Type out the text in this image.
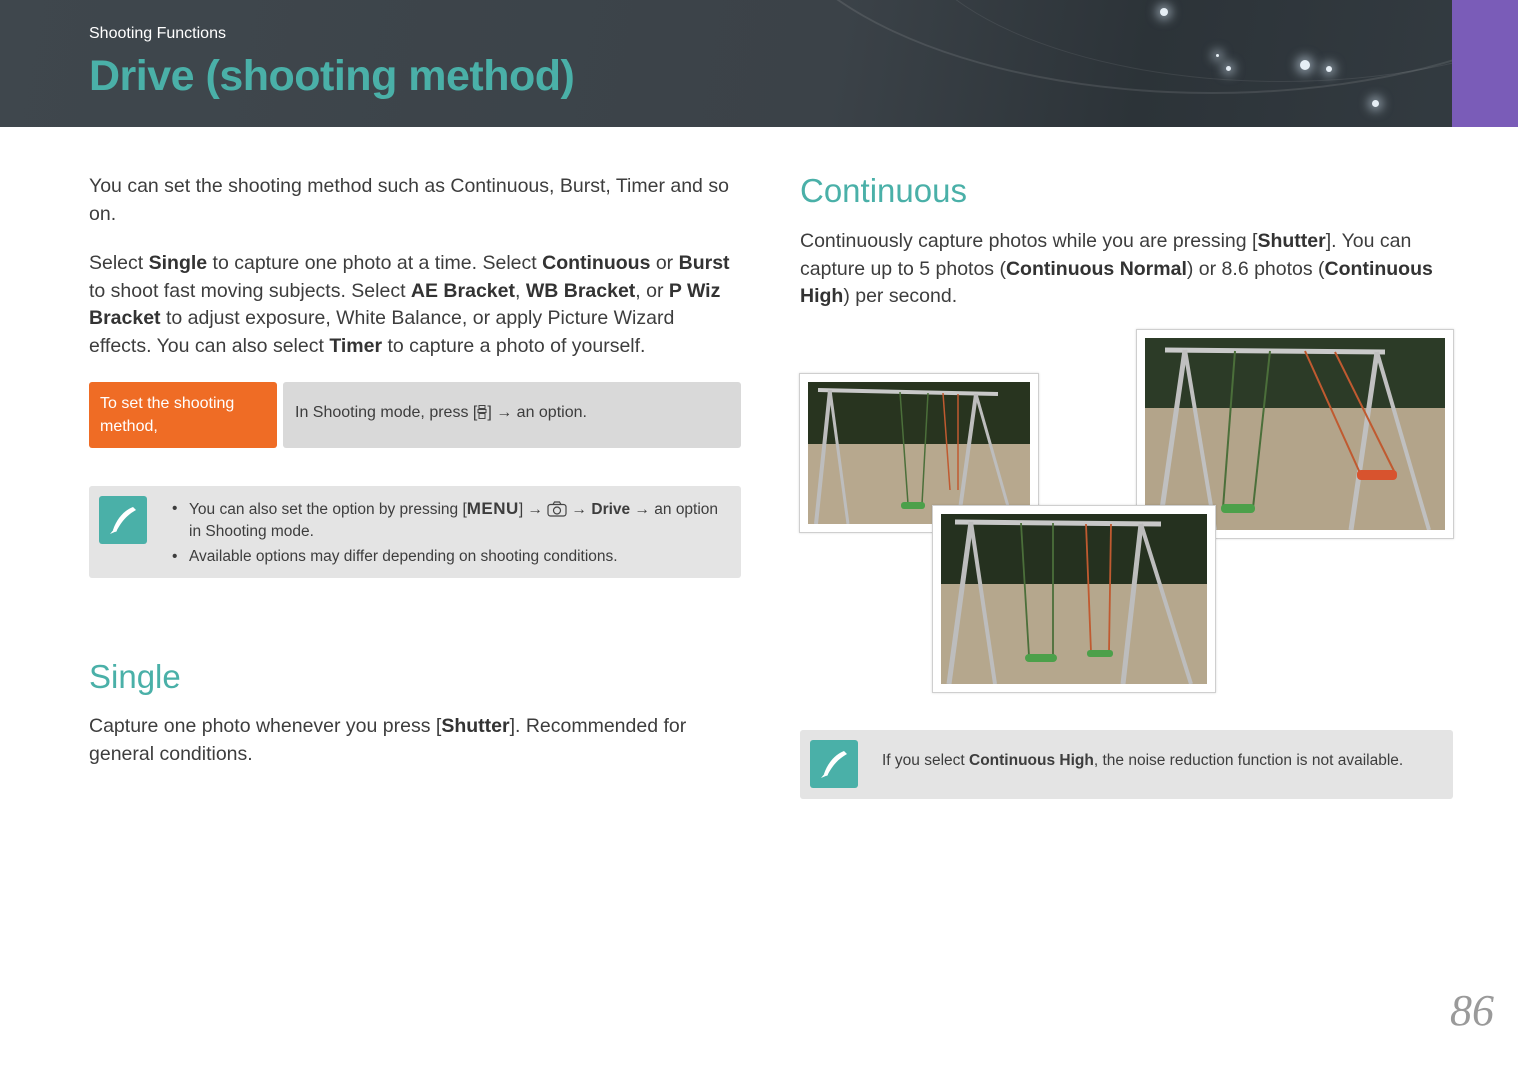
Shooting Functions
Drive (shooting method)
You can set the shooting method such as Continuous, Burst, Timer and so on.
Select Single to capture one photo at a time. Select Continuous or Burst to shoot fast moving subjects. Select AE Bracket, WB Bracket, or P Wiz Bracket to adjust exposure, White Balance, or apply Picture Wizard effects. You can also select Timer to capture a photo of yourself.
To set the shooting method,
In Shooting mode, press [ ] → an option.
• You can also set the option by pressing [MENU] →  → Drive → an option in Shooting mode.
• Available options may differ depending on shooting conditions.
Single
Capture one photo whenever you press [Shutter]. Recommended for general conditions.
Continuous
Continuously capture photos while you are pressing [Shutter]. You can capture up to 5 photos (Continuous Normal) or 8.6 photos (Continuous High) per second.
If you select Continuous High, the noise reduction function is not available.
86
